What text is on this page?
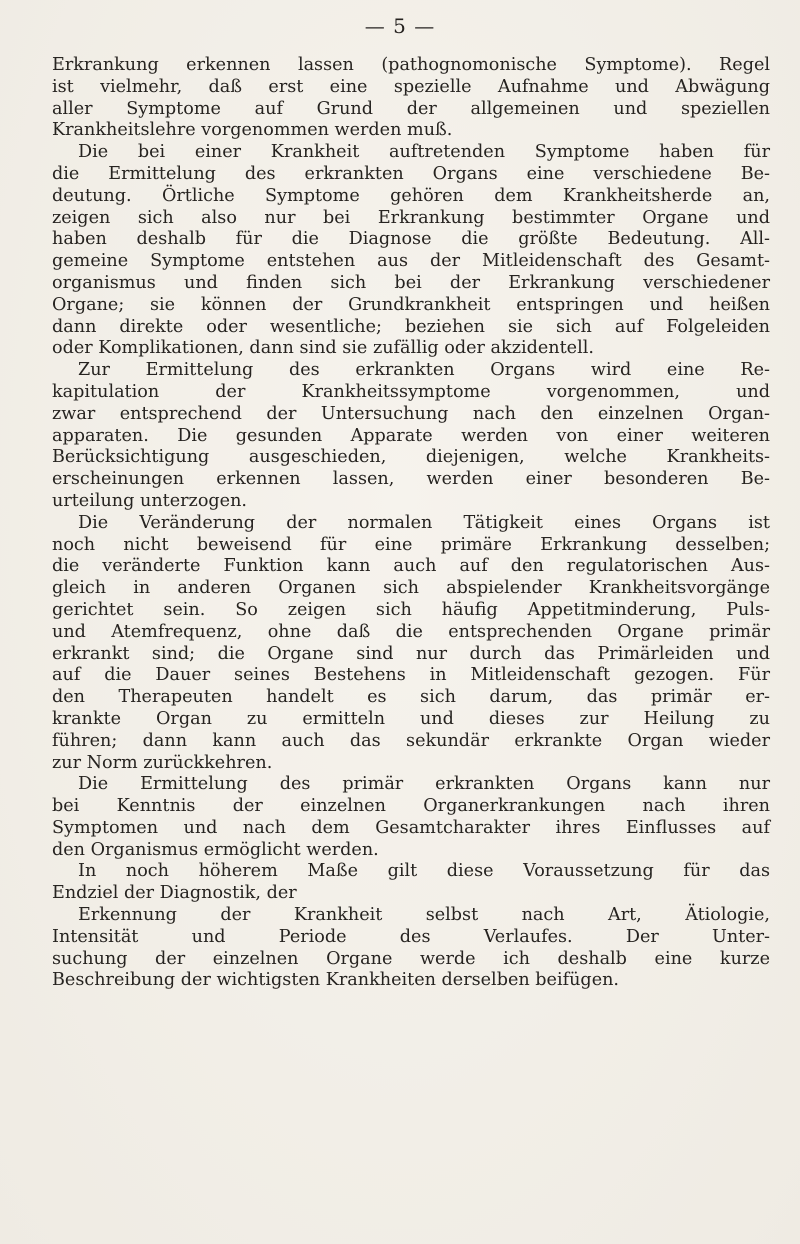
— 5 —
Erkrankung erkennen lassen (pathognomonische Symptome). Regel
ist vielmehr, daß erst eine spezielle Aufnahme und Abwägung
aller Symptome auf Grund der allgemeinen und speziellen
Krankheitslehre vorgenommen werden muß.
Die bei einer Krankheit auftretenden Symptome haben für
die Ermittelung des erkrankten Organs eine verschiedene Be-
deutung. Örtliche Symptome gehören dem Krankheitsherde an,
zeigen sich also nur bei Erkrankung bestimmter Organe und
haben deshalb für die Diagnose die größte Bedeutung. All-
gemeine Symptome entstehen aus der Mitleidenschaft des Gesamt-
organismus und finden sich bei der Erkrankung verschiedener
Organe; sie können der Grundkrankheit entspringen und heißen
dann direkte oder wesentliche; beziehen sie sich auf Folgeleiden
oder Komplikationen, dann sind sie zufällig oder akzidentell.
Zur Ermittelung des erkrankten Organs wird eine Re-
kapitulation der Krankheitssymptome vorgenommen, und
zwar entsprechend der Untersuchung nach den einzelnen Organ-
apparaten. Die gesunden Apparate werden von einer weiteren
Berücksichtigung ausgeschieden, diejenigen, welche Krankheits-
erscheinungen erkennen lassen, werden einer besonderen Be-
urteilung unterzogen.
Die Veränderung der normalen Tätigkeit eines Organs ist
noch nicht beweisend für eine primäre Erkrankung desselben;
die veränderte Funktion kann auch auf den regulatorischen Aus-
gleich in anderen Organen sich abspielender Krankheitsvorgänge
gerichtet sein. So zeigen sich häufig Appetitminderung, Puls-
und Atemfrequenz, ohne daß die entsprechenden Organe primär
erkrankt sind; die Organe sind nur durch das Primärleiden und
auf die Dauer seines Bestehens in Mitleidenschaft gezogen. Für
den Therapeuten handelt es sich darum, das primär er-
krankte Organ zu ermitteln und dieses zur Heilung zu
führen; dann kann auch das sekundär erkrankte Organ wieder
zur Norm zurückkehren.
Die Ermittelung des primär erkrankten Organs kann nur
bei Kenntnis der einzelnen Organerkrankungen nach ihren
Symptomen und nach dem Gesamtcharakter ihres Einflusses auf
den Organismus ermöglicht werden.
In noch höherem Maße gilt diese Voraussetzung für das
Endziel der Diagnostik, der
Erkennung der Krankheit selbst nach Art, Ätiologie,
Intensität und Periode des Verlaufes. Der Unter-
suchung der einzelnen Organe werde ich deshalb eine kurze
Beschreibung der wichtigsten Krankheiten derselben beifügen.
